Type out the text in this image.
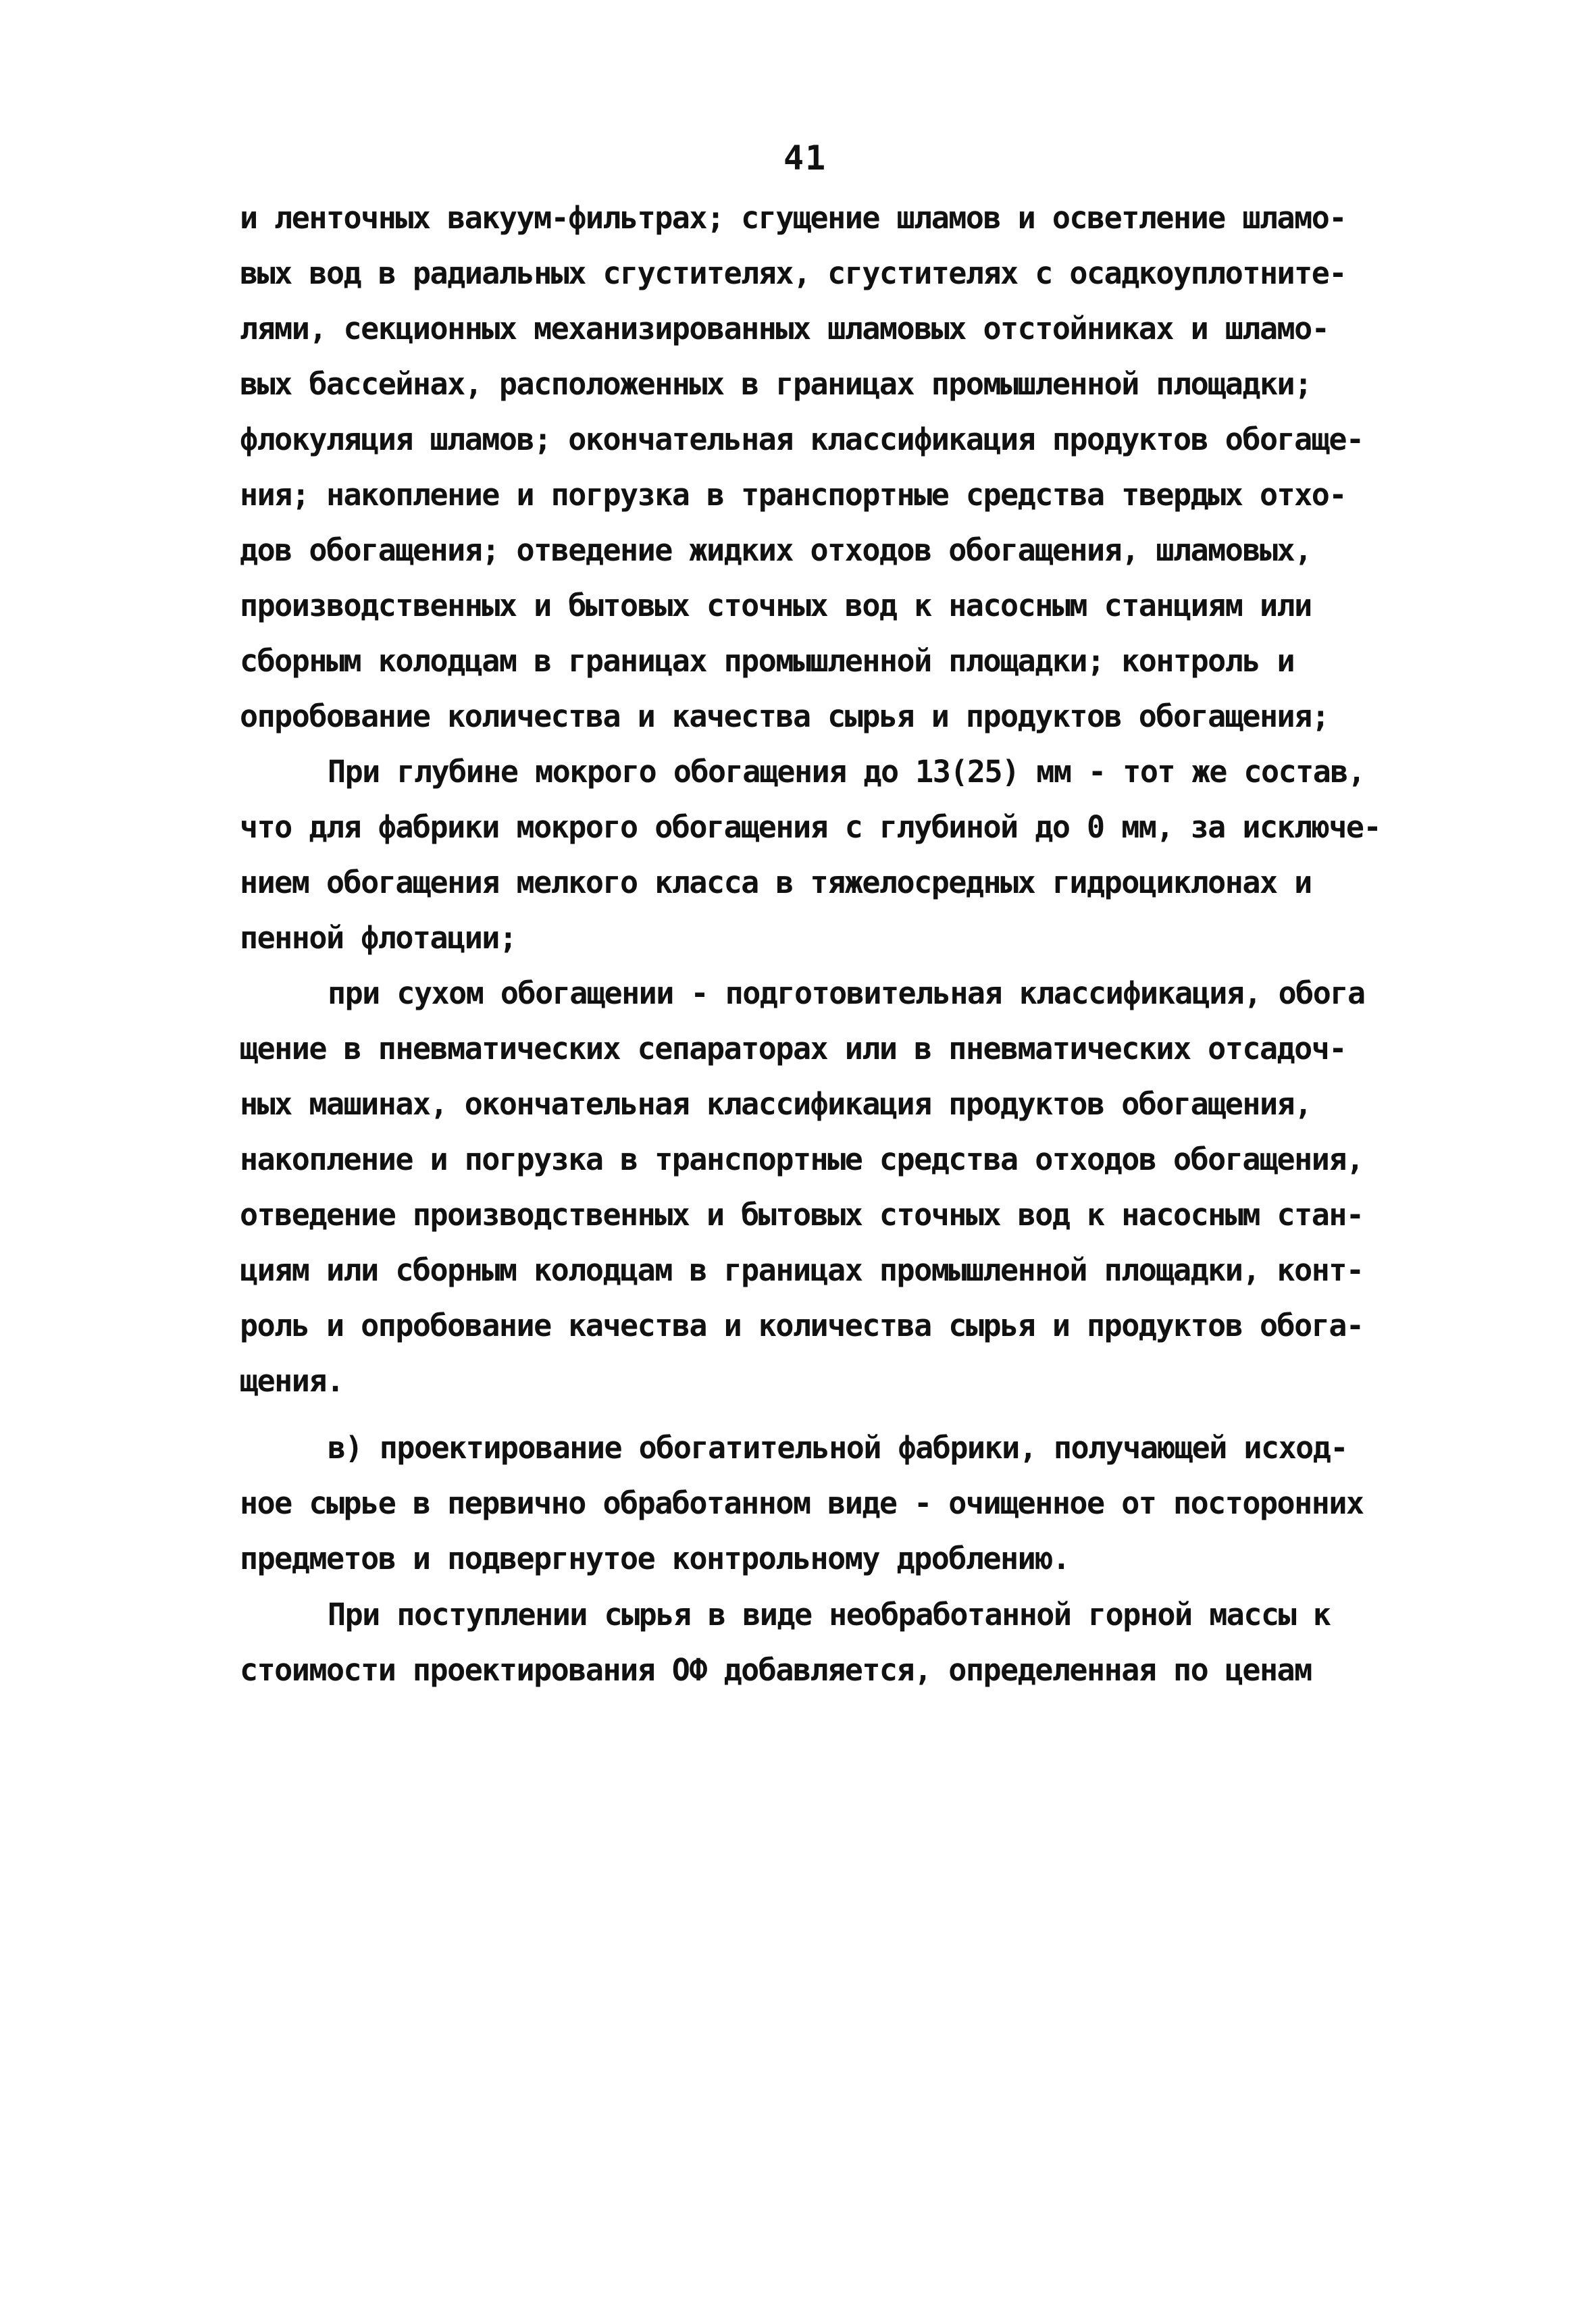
41
и ленточных вакуум-фильтрах; сгущение шламов и осветление шламо-
вых вод в радиальных сгустителях, сгустителях с осадкоуплотните-
лями, секционных механизированных шламовых отстойниках и шламо-
вых бассейнах, расположенных в границах промышленной площадки;
флокуляция шламов; окончательная классификация продуктов обогаще-
ния; накопление и погрузка в транспортные средства твердых отхо-
дов обогащения; отведение жидких отходов обогащения, шламовых,
производственных и бытовых сточных вод к насосным станциям или
сборным колодцам в границах промышленной площадки; контроль и
опробование количества и качества сырья и продуктов обогащения;
При глубине мокрого обогащения до 13(25) мм - тот же состав,
что для фабрики мокрого обогащения с глубиной до 0 мм, за исключе-
нием обогащения мелкого класса в тяжелосредных гидроциклонах и
пенной флотации;
при сухом обогащении - подготовительная классификация, обога
щение в пневматических сепараторах или в пневматических отсадоч-
ных машинах, окончательная классификация продуктов обогащения,
накопление и погрузка в транспортные средства отходов обогащения,
отведение производственных и бытовых сточных вод к насосным стан-
циям или сборным колодцам в границах промышленной площадки, конт-
роль и опробование качества и количества сырья и продуктов обога-
щения.
в) проектирование обогатительной фабрики, получающей исход-
ное сырье в первично обработанном виде - очищенное от посторонних
предметов и подвергнутое контрольному дроблению.
При поступлении сырья в виде необработанной горной массы к
стоимости проектирования ОФ добавляется, определенная по ценам
